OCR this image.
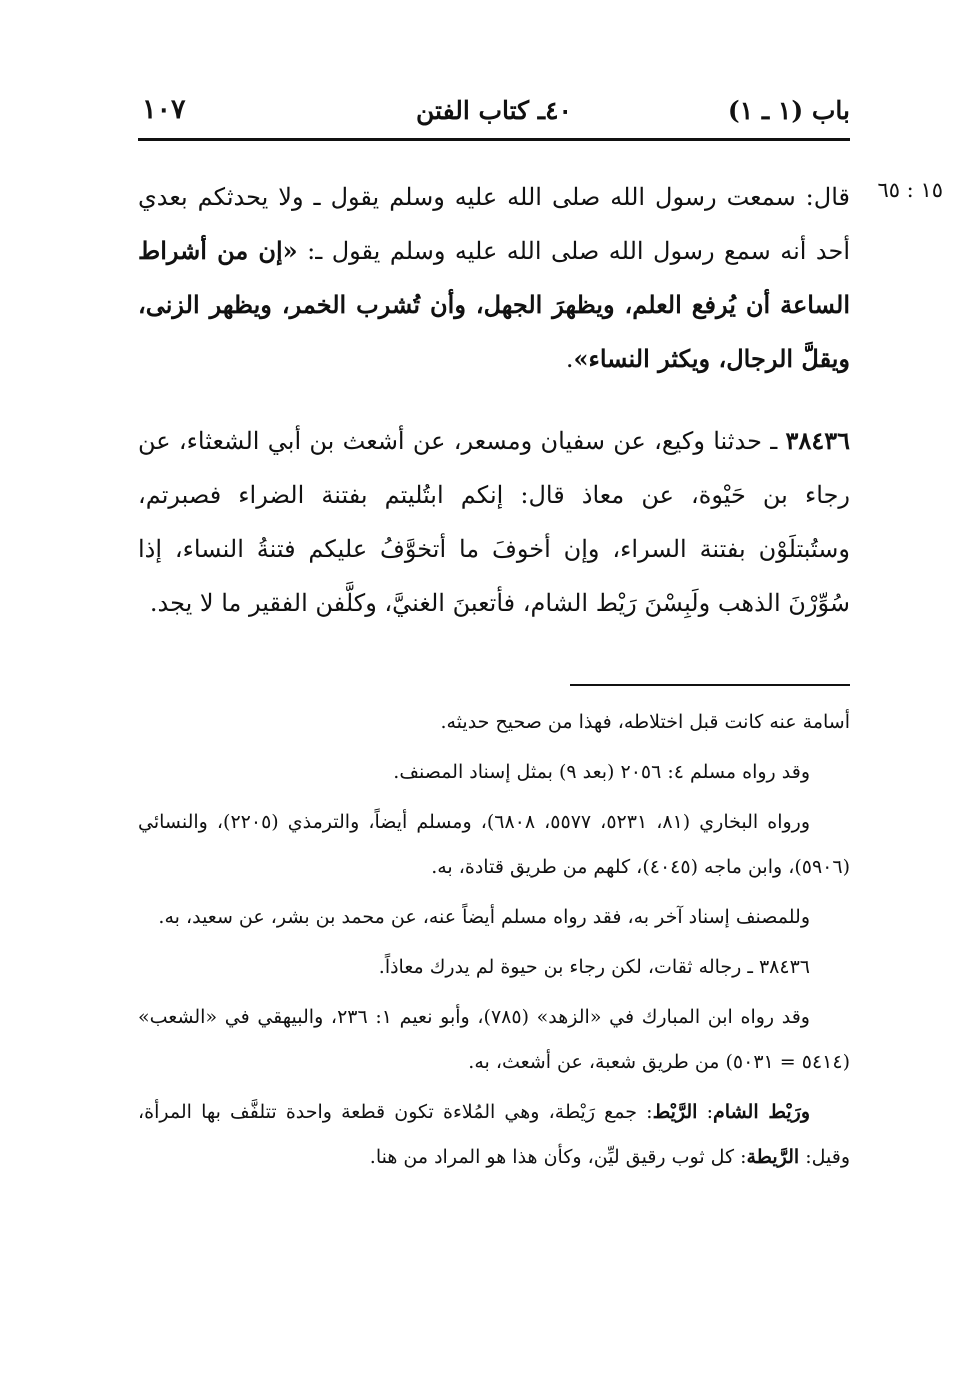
باب (١ ـ ١)
٤٠ـ كتاب الفتن
١٠٧
١٥ : ٦٥

قال: سمعت رسول الله صلى الله عليه وسلم يقول ـ ولا يحدثكم بعدي أحد أنه سمع رسول الله صلى الله عليه وسلم يقول ـ: «إن من أشراط الساعة أن يُرفع العلم، ويظهرَ الجهل، وأن تُشرب الخمر، ويظهر الزنى، ويقلَّ الرجال، ويكثر النساء».

٣٨٤٣٦ ـ حدثنا وكيع، عن سفيان ومسعر، عن أشعث بن أبي الشعثاء، عن رجاء بن حَيْوة، عن معاذ قال: إنكم ابتُليتم بفتنة الضراء فصبرتم، وستُبتلَوْن بفتنة السراء، وإن أخوفَ ما أتخوَّفُ عليكم فتنةُ النساء، إذا سُوِّرْنَ الذهب ولَبِسْنَ رَيْط الشام، فأتعبنَ الغنيَّ، وكلَّفن الفقير ما لا يجد.

أسامة عنه كانت قبل اختلاطه، فهذا من صحيح حديثه.

وقد رواه مسلم ٤: ٢٠٥٦ (بعد ٩) بمثل إسناد المصنف.

ورواه البخاري (٨١، ٥٢٣١، ٥٥٧٧، ٦٨٠٨)، ومسلم أيضاً، والترمذي (٢٢٠٥)، والنسائي (٥٩٠٦)، وابن ماجه (٤٠٤٥)، كلهم من طريق قتادة، به.

وللمصنف إسناد آخر به، فقد رواه مسلم أيضاً عنه، عن محمد بن بشر، عن سعيد، به.

٣٨٤٣٦ ـ رجاله ثقات، لكن رجاء بن حيوة لم يدرك معاذاً.

وقد رواه ابن المبارك في «الزهد» (٧٨٥)، وأبو نعيم ١: ٢٣٦، والبيهقي في «الشعب» (٥٤١٤ = ٥٠٣١) من طريق شعبة، عن أشعث، به.

ورَيْط الشام: الرَّيْط: جمع رَيْطة، وهي المُلاءة تكون قطعة واحدة تتلفَّف بها المرأة، وقيل: الرَّيطة: كل ثوب رقيق ليِّن، وكأن هذا هو المراد من هنا.
